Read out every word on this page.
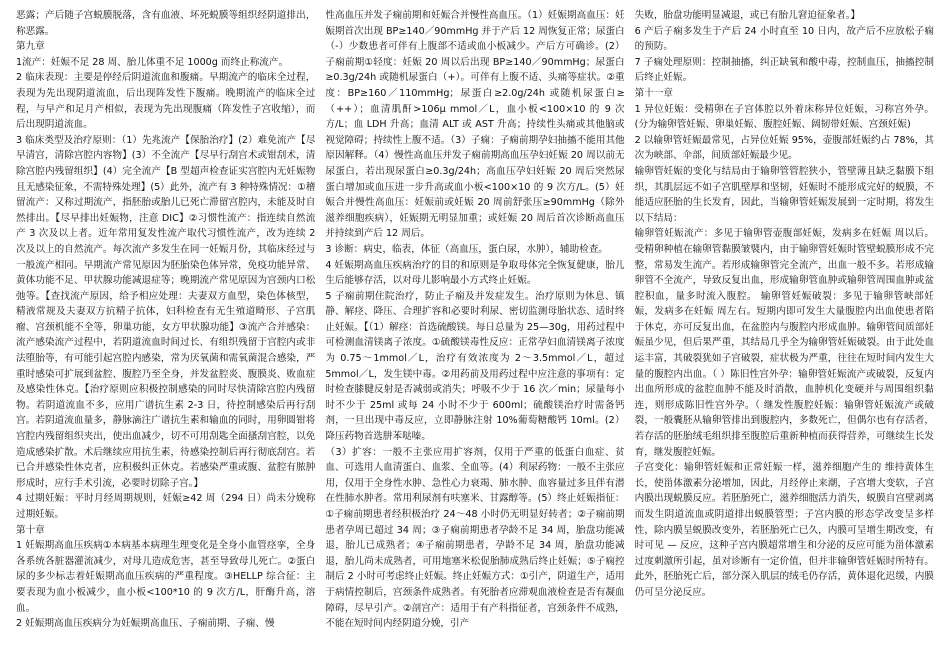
恶露；产后随子宫蜕膜脱落，含有血液、坏死蜕膜等组织经阴道排出，称恶露。

第九章

1流产：妊娠不足 28 周、胎儿体重不足 1000g 而终止称流产。

2 临床表现：主要是停经后阴道流血和腹痛。早期流产的临床全过程，表现为先出现阴道流血，后出现阵发性下腹痛。晚期流产的临床全过程，与早产和足月产相似，表现为先出现腹痛（阵发性子宫收缩），而后出现阴道流血。

3 临床类型及治疗原则：（1）先兆流产【保胎治疗】(2）难免流产【尽早清宫，清除宫腔内容物】(3）不全流产【尽早行刮宫术或钳刮术，清除宫腔内残留组织】(4）完全流产【B 型超声检查证实宫腔内无妊娠物且无感染征象，不需特殊处理】(5）此外，流产有 3 种特殊情况：①稽留流产：又称过期流产，指胚胎或胎儿已死亡滞留宫腔内，未能及时自然排出。【尽早排出妊娠物，注意 DIC】②习惯性流产：指连续自然流产 3 次及以上者。近年常用复发性流产取代习惯性流产，改为连续 2 次及以上的自然流产。每次流产多发生在同一妊娠月份，其临床经过与一般流产相同。早期流产常见原因为胚胎染色体异常，免疫功能异常、黄体功能不足、甲状腺功能减退症等；晚期流产常见原因为宫颈内口松弛等。【查找流产原因，给予相应处理：夫妻双方血型，染色体核型，精液常规及夫妻双方抗精子抗体，妇科检查有无生殖道畸形、子宫肌瘤、宫颈机能不全等，卵巢功能，女方甲状腺功能】③流产合并感染：流产感染流产过程中，若阴道流血时间过长、有组织残留于宫腔内或非法堕胎等，有可能引起宫腔内感染，常为厌氧菌和需氧菌混合感染，严重时感染可扩展到盆腔、腹腔乃至全身，并发盆腔炎、腹膜炎、败血症及感染性休克。【治疗原则应积极控制感染的同时尽快清除宫腔内残留物。若阴道流血不多，应用广谱抗生素 2-3 日，待控制感染后再行刮宫。若阴道流血量多，静脉滴注广谱抗生素和输血的同时，用卵圆钳将宫腔内残留组织夹出，使出血减少，切不可用刮匙全面搔刮宫腔，以免造成感染扩散。术后继续应用抗生素，待感染控制后再行彻底刮宫。若已合并感染性休克者，应积极纠正休克。若感染严重或腹、盆腔有脓肿形成时，应行手术引流，必要时切除子宫。】

4 过期妊娠：平时月经周期规则，妊娠≥42 周（294 日）尚未分娩称过期妊娠。

第十章

1 妊娠期高血压疾病①本病基本病理生理变化是全身小血管痉挛，全身各系统各脏器灌流减少，对母儿造成危害，甚至导致母儿死亡。②蛋白尿的多少标志着妊娠期高血压疾病的严重程度。③HELLP 综合征：主要表现为血小板减少，血小板<100*10 的 9 次方/L，肝酶升高，溶血。

2 妊娠期高血压疾病分为妊娠期高血压、子痫前期、子痫、慢

性高血压并发子痫前期和妊娠合并慢性高血压。（1）妊娠期高血压：妊娠期首次出现 BP≥140／90mmHg 并于产后 12 周恢复正常；尿蛋白（-）少数患者可伴有上腹部不适或血小板减少。产后方可确诊。(2）子痫前期①轻度：妊娠 20 周以后出现 BP≥140／90mmHg；尿蛋白≥0.3g/24h 或随机尿蛋白（+）。可伴有上腹不适、头痛等症状。②重度：BP≥160／110mmHg；尿蛋白≥2.0g/24h 或随机尿蛋白≥（++）；血清肌酐>106μ mmol／L，血小板<100×10 的 9 次方/L；血 LDH 升高；血清 ALT 或 AST 升高；持续性头痛或其他脑或视觉障碍；持续性上腹不适。（3）子痫：子痫前期孕妇抽搐不能用其他原因解释。（4）慢性高血压并发子痫前期高血压孕妇妊娠 20 周以前无尿蛋白，若出现尿蛋白≥0.3g/24h；高血压孕妇妊娠 20 周后突然尿蛋白增加或血压进一步升高或血小板<100×10 的 9 次方/L。(5）妊娠合并慢性高血压：妊娠前或妊娠 20 周前舒张压≥90mmHg（除外滋养细胞疾病），妊娠期无明显加重；或妊娠 20 周后首次诊断高血压并持续到产后 12 周后。

3 诊断：病史，临表，体征（高血压，蛋白尿，水肿），辅助检查。

4 妊娠期高血压疾病治疗的目的和原则是争取母体完全恢复健康，胎儿生后能够存活，以对母儿影响最小方式终止妊娠。

5 子痫前期住院治疗，防止子痫及并发症发生。治疗原则为休息、镇静、解痉、降压、合理扩容和必要时利尿、密切监测母胎状态、适时终止妊娠。【（1）解痉：首选硫酸镁。每日总量为 25—30g，用药过程中可检测血清镁离子浓度。①硫酸镁毒性反应：正常孕妇血清镁离子浓度为 0.75～1mmol／L，治疗有效浓度为 2～3.5mmol／L，超过 5mmol／L，发生镁中毒。②用药前及用药过程中应注意的事项有：定时检查膝腱反射是否减弱或消失；呼吸不少于 16 次／min；尿量每小时不少于 25ml 或每 24 小时不少于 600ml；硫酸镁治疗时需备钙剂，一旦出现中毒反应，立即静脉注射 10%葡萄糖酸钙 10ml。(2）降压药物首选肼苯哒嗪。

（3）扩容：一般不主张应用扩容剂，仅用于严重的低蛋白血症、贫血、可选用人血清蛋白、血浆、全血等。(4）利尿药物：一般不主张应用，仅用于全身性水肿、急性心力衰竭、肺水肿、血容量过多且伴有潜在性肺水肿者。常用利尿剂有呋塞米、甘露醇等。(5）终止妊娠指征：①子痫前期患者经积极治疗 24～48 小时仍无明显好转者；②子痫前期患者孕周已超过 34 周；③子痫前期患者孕龄不足 34 周，胎盘功能减退，胎儿已成熟者；④子痫前期患者，孕龄不足 34 周，胎盘功能减退，胎儿尚未成熟者，可用地塞米松促胎肺成熟后终止妊娠；⑤子痫控制后 2 小时可考虑终止妊娠。终止妊娠方式：①引产，阴道生产，适用于病情控制后，宫颈条件成熟者。有死胎者应滞观血液检查是否有凝血障碍，尽早引产。②剖宫产：适用于有产科指征者，宫颈条件不成熟，不能在短时间内经阴道分娩，引产

失败，胎盘功能明显减退，或已有胎儿窘迫征象者。】

6 产后子痫多发生于产后 24 小时直至 10 日内，故产后不应放松子痫的预防。

7 子痫处理原则：控制抽搐，纠正缺氧和酸中毒，控制血压，抽搐控制后终止妊娠。

第十一章

1 异位妊娠：受精卵在子宫体腔以外着床称异位妊娠，习称宫外孕。(分为输卵管妊娠、卵巢妊娠、腹腔妊娠、阔韧带妊娠、宫颈妊娠)

2 以输卵管妊娠最常见，占异位妊娠 95%，壶腹部妊娠约占 78%，其次为峡部、伞部，间质部妊娠最少见。

输卵管妊娠的变化与结局由于输卵管管腔狭小，管壁薄且缺乏黏膜下组织，其肌层远不如子宫肌壁厚和坚韧，妊娠时不能形成完好的蜕膜，不能适应胚胎的生长发育，因此，当输卵管妊娠发展到一定时期，将发生以下结局：

输卵管妊娠流产：多见于输卵管壶腹部妊娠，发病多在妊娠 周以后。受精卵种植在输卵管黏膜皱襞内，由于输卵管妊娠时管壁蜕膜形成不完整，常易发生流产。若形成输卵管完全流产，出血一般不多。若形成输卵管不全流产，导致反复出血，形成输卵管血肿或输卵管周围血肿或盆腔积血，量多时流入腹腔。 输卵管妊娠破裂：多见于输卵管峡部妊娠，发病多在妊娠 周左右。短期内即可发生大量腹腔内出血使患者陷于休克，亦可反复出血，在盆腔内与腹腔内形成血肿。输卵管间质部妊娠虽少见，但后果严重，其结局几乎全为输卵管妊娠破裂。由于此处血运丰富，其破裂犹如子宫破裂，症状极为严重，往往在短时间内发生大量的腹腔内出血。（ ）陈旧性宫外孕：输卵管妊娠流产或破裂，反复内出血所形成的盆腔血肿不能及时消散，血肿机化变硬并与周围组织黏连，则形成陈旧性宫外孕。（ 继发性腹腔妊娠：输卵管妊娠流产或破裂，一般囊胚从输卵管排出到腹腔内，多数死亡，但偶尔也有存活者，若存活的胚胎绒毛组织排至腹腔后重新种植而获得营养，可继续生长发育，继发腹腔妊娠。

子宫变化：输卵管妊娠和正常妊娠一样，滋养细胞产生的 维持黄体生长，使甾体激素分泌增加，因此，月经停止来潮，子宫增大变软，子宫内膜出现蜕膜反应。若胚胎死亡，滋养细胞活力消失，蜕膜自宫壁剥离而发生阴道流血或阴道排出蜕膜管型；子宫内膜的形态学改变呈多样性，除内膜呈蜕膜改变外，若胚胎死亡已久，内膜可呈增生期改变，有时可见 — 反应，这种子宫内膜超常增生和分泌的反应可能为甾体激素过度刺激所引起，虽对诊断有一定价值，但并非输卵管妊娠时所特有。此外，胚胎死亡后，部分深入肌层的绒毛仍存活，黄体退化迟缓，内膜仍可呈分泌反应。
